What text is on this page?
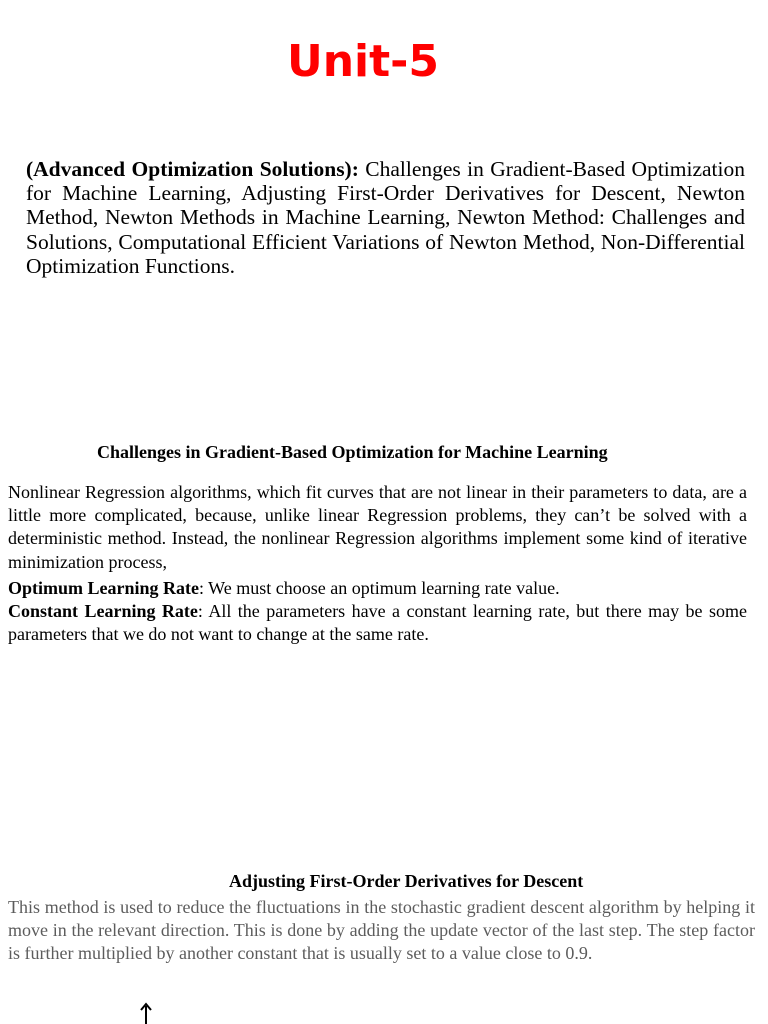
Unit-5

(Advanced Optimization Solutions): Challenges in Gradient-Based Optimization for Machine Learning, Adjusting First-Order Derivatives for Descent, Newton Method, Newton Methods in Machine Learning, Newton Method: Challenges and Solutions, Computational Efficient Variations of Newton Method, Non-Differential Optimization Functions.

Challenges in Gradient-Based Optimization for Machine Learning

Nonlinear Regression algorithms, which fit curves that are not linear in their parameters to data, are a little more complicated, because, unlike linear Regression problems, they can’t be solved with a deterministic method. Instead, the nonlinear Regression algorithms implement some kind of iterative minimization process,

Optimum Learning Rate: We must choose an optimum learning rate value.

Constant Learning Rate: All the parameters have a constant learning rate, but there may be some parameters that we do not want to change at the same rate.

Adjusting First-Order Derivatives for Descent

This method is used to reduce the fluctuations in the stochastic gradient descent algorithm by helping it move in the relevant direction. This is done by adding the update vector of the last step. The step factor is further multiplied by another constant that is usually set to a value close to 0.9.
